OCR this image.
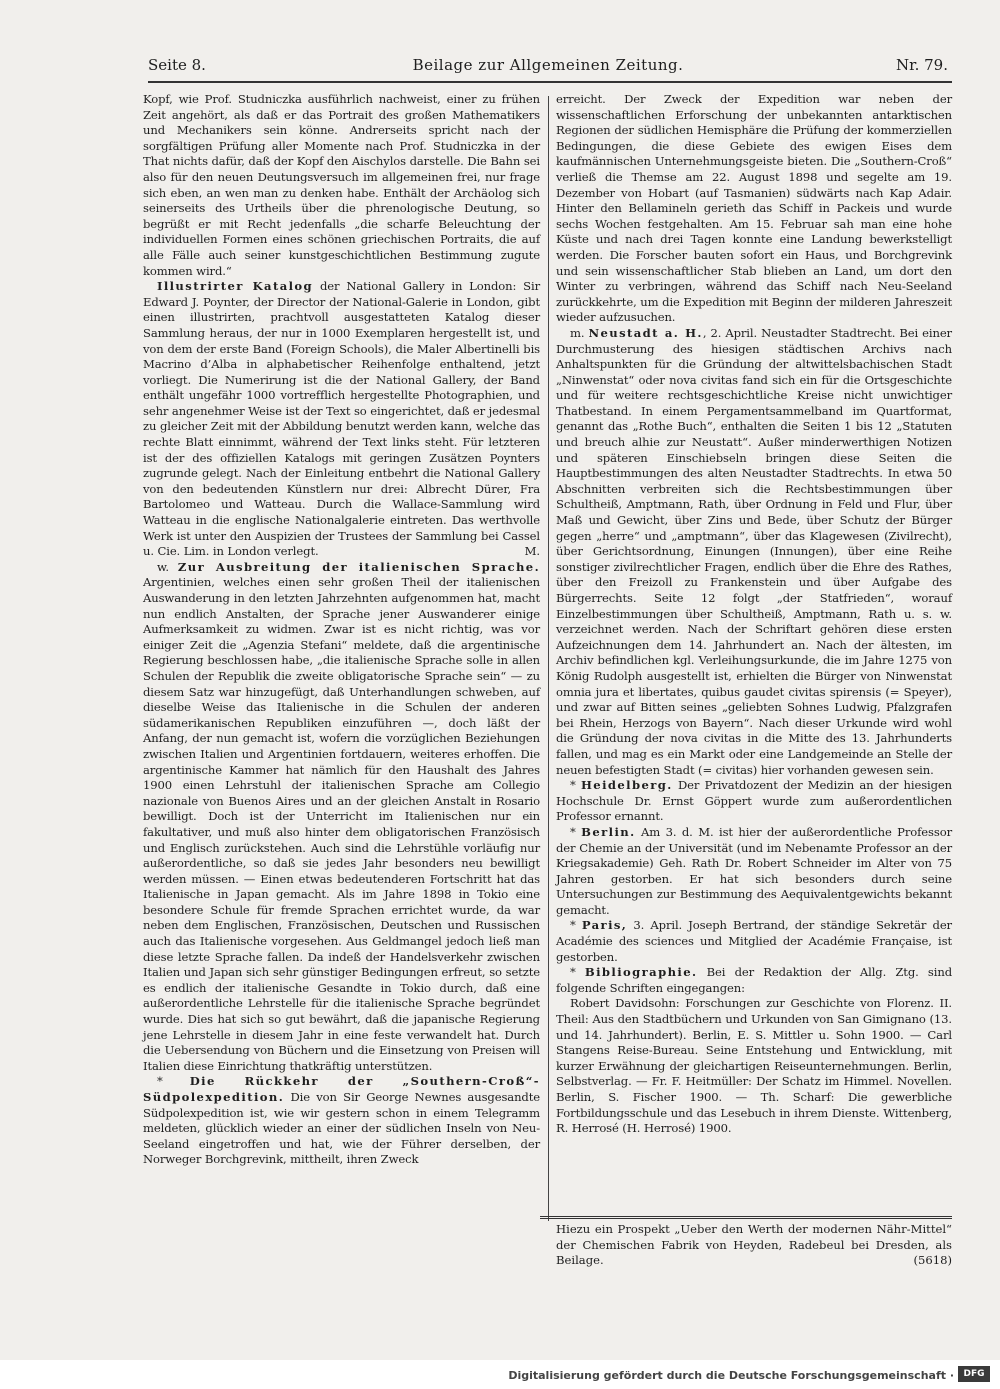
Beilage zur Allgemeinen Zeitung.
Seite 8.	Nr. 79.

Kopf, wie Prof. Studniczka ausführlich nachweist, einer zu frühen Zeit angehört, als daß er das Portrait des großen Mathematikers und Mechanikers sein könne. Andrerseits spricht nach der sorgfältigen Prüfung aller Momente nach Prof. Studniczka in der That nichts dafür, daß der Kopf den Aischylos darstelle. Die Bahn sei also für den neuen Deutungsversuch im allgemeinen frei, nur frage sich eben, an wen man zu denken habe. Enthält der Archäolog sich seinerseits des Urtheils über die phrenologische Deutung, so begrüßt er mit Recht jedenfalls „die scharfe Beleuchtung der individuellen Formen eines schönen griechischen Portraits, die auf alle Fälle auch seiner kunstgeschichtlichen Bestimmung zugute kommen wird.“

Illustrirter Katalog der National Gallery in London: Sir Edward J. Poynter, der Director der National-Galerie in London, gibt einen illustrirten, prachtvoll ausgestatteten Katalog dieser Sammlung heraus, der nur in 1000 Exemplaren hergestellt ist, und von dem der erste Band (Foreign Schools), die Maler Albertinelli bis Macrino d’Alba in alphabetischer Reihenfolge enthaltend, jetzt vorliegt. Die Numerirung ist die der National Gallery, der Band enthält ungefähr 1000 vortrefflich hergestellte Photographien, und sehr angenehmer Weise ist der Text so eingerichtet, daß er jedesmal zu gleicher Zeit mit der Abbildung benutzt werden kann, welche das rechte Blatt einnimmt, während der Text links steht. Für letzteren ist der des offiziellen Katalogs mit geringen Zusätzen Poynters zugrunde gelegt. Nach der Einleitung entbehrt die National Gallery von den bedeutenden Künstlern nur drei: Albrecht Dürer, Fra Bartolomeo und Watteau. Durch die Wallace-Sammlung wird Watteau in die englische Nationalgalerie eintreten. Das werthvolle Werk ist unter den Auspizien der Trustees der Sammlung bei Cassel u. Cie. Lim. in London verlegt.	M.

w. Zur Ausbreitung der italienischen Sprache. Argentinien, welches einen sehr großen Theil der italienischen Auswanderung in den letzten Jahrzehnten aufgenommen hat, macht nun endlich Anstalten, der Sprache jener Auswanderer einige Aufmerksamkeit zu widmen. Zwar ist es nicht richtig, was vor einiger Zeit die „Agenzia Stefani“ meldete, daß die argentinische Regierung beschlossen habe, „die italienische Sprache solle in allen Schulen der Republik die zweite obligatorische Sprache sein“ — zu diesem Satz war hinzugefügt, daß Unterhandlungen schweben, auf dieselbe Weise das Italienische in die Schulen der anderen südamerikanischen Republiken einzuführen —, doch läßt der Anfang, der nun gemacht ist, wofern die vorzüglichen Beziehungen zwischen Italien und Argentinien fortdauern, weiteres erhoffen. Die argentinische Kammer hat nämlich für den Haushalt des Jahres 1900 einen Lehrstuhl der italienischen Sprache am Collegio nazionale von Buenos Aires und an der gleichen Anstalt in Rosario bewilligt. Doch ist der Unterricht im Italienischen nur ein fakultativer, und muß also hinter dem obligatorischen Französisch und Englisch zurückstehen. Auch sind die Lehrstühle vorläufig nur außerordentliche, so daß sie jedes Jahr besonders neu bewilligt werden müssen. — Einen etwas bedeutenderen Fortschritt hat das Italienische in Japan gemacht. Als im Jahre 1898 in Tokio eine besondere Schule für fremde Sprachen errichtet wurde, da war neben dem Englischen, Französischen, Deutschen und Russischen auch das Italienische vorgesehen. Aus Geldmangel jedoch ließ man diese letzte Sprache fallen. Da indeß der Handelsverkehr zwischen Italien und Japan sich sehr günstiger Bedingungen erfreut, so setzte es endlich der italienische Gesandte in Tokio durch, daß eine außerordentliche Lehrstelle für die italienische Sprache begründet wurde. Dies hat sich so gut bewährt, daß die japanische Regierung jene Lehrstelle in diesem Jahr in eine feste verwandelt hat. Durch die Uebersendung von Büchern und die Einsetzung von Preisen will Italien diese Einrichtung thatkräftig unterstützen.

* Die Rückkehr der „Southern-Croß“-Südpolexpedition. Die von Sir George Newnes ausgesandte Südpolexpedition ist, wie wir gestern schon in einem Telegramm meldeten, glücklich wieder an einer der südlichen Inseln von Neu-Seeland eingetroffen und hat, wie der Führer derselben, der Norweger Borchgrevink, mittheilt, ihren Zweck

erreicht. Der Zweck der Expedition war neben der wissenschaftlichen Erforschung der unbekannten antarktischen Regionen der südlichen Hemisphäre die Prüfung der kommerziellen Bedingungen, die diese Gebiete des ewigen Eises dem kaufmännischen Unternehmungsgeiste bieten. Die „Southern-Croß“ verließ die Themse am 22. August 1898 und segelte am 19. Dezember von Hobart (auf Tasmanien) südwärts nach Kap Adair. Hinter den Bellamineln gerieth das Schiff in Packeis und wurde sechs Wochen festgehalten. Am 15. Februar sah man eine hohe Küste und nach drei Tagen konnte eine Landung bewerkstelligt werden. Die Forscher bauten sofort ein Haus, und Borchgrevink und sein wissenschaftlicher Stab blieben an Land, um dort den Winter zu verbringen, während das Schiff nach Neu-Seeland zurückkehrte, um die Expedition mit Beginn der milderen Jahreszeit wieder aufzusuchen.

m. Neustadt a. H., 2. April. Neustadter Stadtrecht. Bei einer Durchmusterung des hiesigen städtischen Archivs nach Anhaltspunkten für die Gründung der altwittelsbachischen Stadt „Ninwenstat“ oder nova civitas fand sich ein für die Ortsgeschichte und für weitere rechtsgeschichtliche Kreise nicht unwichtiger Thatbestand. In einem Pergamentsammelband im Quartformat, genannt das „Rothe Buch“, enthalten die Seiten 1 bis 12 „Statuten und breuch alhie zur Neustatt“. Außer minderwerthigen Notizen und späteren Einschiebseln bringen diese Seiten die Hauptbestimmungen des alten Neustadter Stadtrechts. In etwa 50 Abschnitten verbreiten sich die Rechtsbestimmungen über Schultheiß, Amptmann, Rath, über Ordnung in Feld und Flur, über Maß und Gewicht, über Zins und Bede, über Schutz der Bürger gegen „herre“ und „amptmann“, über das Klagewesen (Zivilrecht), über Gerichtsordnung, Einungen (Innungen), über eine Reihe sonstiger zivilrechtlicher Fragen, endlich über die Ehre des Rathes, über den Freizoll zu Frankenstein und über Aufgabe des Bürgerrechts. Seite 12 folgt „der Statfrieden“, worauf Einzelbestimmungen über Schultheiß, Amptmann, Rath u. s. w. verzeichnet werden. Nach der Schriftart gehören diese ersten Aufzeichnungen dem 14. Jahrhundert an. Nach der ältesten, im Archiv befindlichen kgl. Verleihungsurkunde, die im Jahre 1275 von König Rudolph ausgestellt ist, erhielten die Bürger von Ninwenstat omnia jura et libertates, quibus gaudet civitas spirensis (= Speyer), und zwar auf Bitten seines „geliebten Sohnes Ludwig, Pfalzgrafen bei Rhein, Herzogs von Bayern“. Nach dieser Urkunde wird wohl die Gründung der nova civitas in die Mitte des 13. Jahrhunderts fallen, und mag es ein Markt oder eine Landgemeinde an Stelle der neuen befestigten Stadt (= civitas) hier vorhanden gewesen sein.

* Heidelberg. Der Privatdozent der Medizin an der hiesigen Hochschule Dr. Ernst Göppert wurde zum außerordentlichen Professor ernannt.

* Berlin. Am 3. d. M. ist hier der außerordentliche Professor der Chemie an der Universität (und im Nebenamte Professor an der Kriegsakademie) Geh. Rath Dr. Robert Schneider im Alter von 75 Jahren gestorben. Er hat sich besonders durch seine Untersuchungen zur Bestimmung des Aequivalentgewichts bekannt gemacht.

* Paris, 3. April. Joseph Bertrand, der ständige Sekretär der Académie des sciences und Mitglied der Académie Française, ist gestorben.

* Bibliographie. Bei der Redaktion der Allg. Ztg. sind folgende Schriften eingegangen:

Robert Davidsohn: Forschungen zur Geschichte von Florenz. II. Theil: Aus den Stadtbüchern und Urkunden von San Gimignano (13. und 14. Jahrhundert). Berlin, E. S. Mittler u. Sohn 1900. — Carl Stangens Reise-Bureau. Seine Entstehung und Entwicklung, mit kurzer Erwähnung der gleichartigen Reiseunternehmungen. Berlin, Selbstverlag. — Fr. F. Heitmüller: Der Schatz im Himmel. Novellen. Berlin, S. Fischer 1900. — Th. Scharf: Die gewerbliche Fortbildungsschule und das Lesebuch in ihrem Dienste. Wittenberg, R. Herrosé (H. Herrosé) 1900.

Hiezu ein Prospekt „Ueber den Werth der modernen Nähr-Mittel“ der Chemischen Fabrik von Heyden, Radebeul bei Dresden, als Beilage.	(5618)
Digitalisierung gefördert durch die Deutsche Forschungsgemeinschaft ·	DFG
